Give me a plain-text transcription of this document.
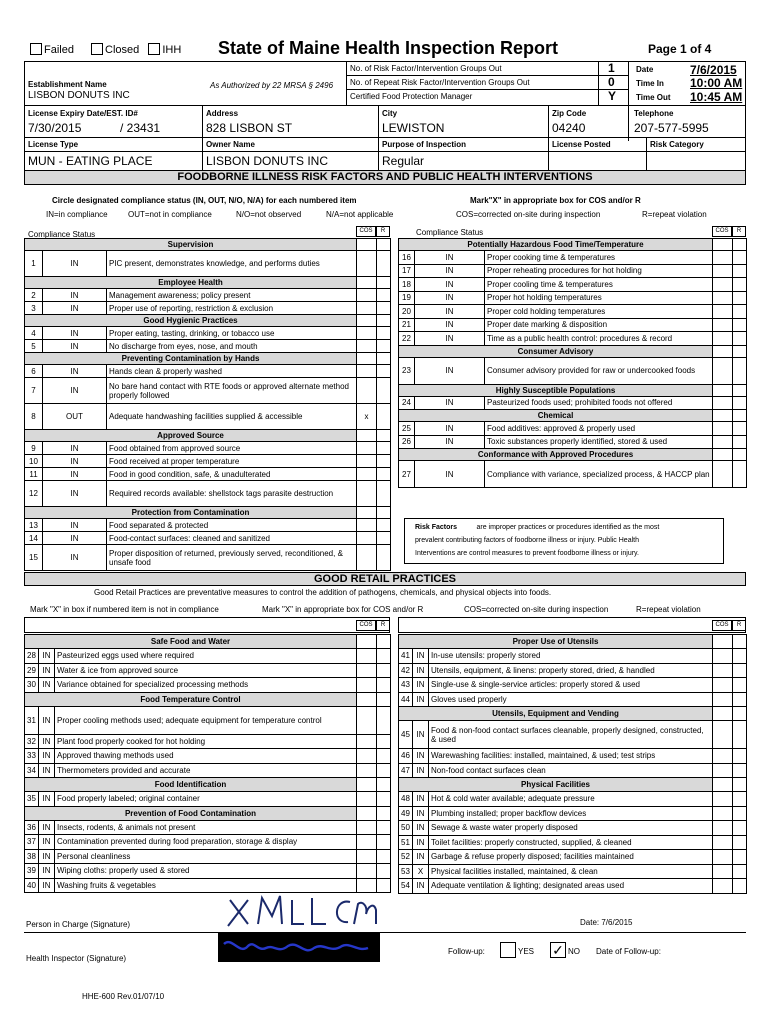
Failed	Closed IHH State of Maine Health Inspection Report	Page 1 of 4
No. of Risk Factor/Intervention Groups Out	1
No. of Repeat Risk Factor/Intervention Groups Out	0
Certified Food Protection Manager	Y
Date	7/6/2015
Time In 10:00 AM
Time Out 10:45 AM
Establishment Name
LISBON DONUTS INC
As Authorized by 22 MRSA § 2496
License Expiry Date/EST. ID#
7/30/2015	/ 23431
Address
828 LISBON ST
City
LEWISTON
Zip Code
04240
Telephone
207-577-5995
License Type
MUN - EATING PLACE
Owner Name
LISBON DONUTS INC
Purpose of Inspection
Regular
License Posted	Risk Category
FOODBORNE ILLNESS RISK FACTORS AND PUBLIC HEALTH INTERVENTIONS
Circle designated compliance status (IN, OUT, N/O, N/A) for each numbered item	Mark"X" in appropriate box for COS and/or R
IN=in compliance	OUT=not in compliance	N/O=not observed	N/A=not applicable	COS=corrected on-site during inspection	R=repeat violation
Compliance Status	COS	R	Compliance Status	COS	R
Supervision				
1	IN	PIC present, demonstrates knowledge, and performs duties		
Employee Health				
2	IN	Management awareness; policy present		
3	IN	Proper use of reporting, restriction & exclusion		
Good Hygienic Practices				
4	IN	Proper eating, tasting, drinking, or tobacco use		
5	IN	No discharge from eyes, nose, and mouth		
Preventing Contamination by Hands				
6	IN	Hands clean & properly washed		
7	IN	No bare hand contact with RTE foods or approved alternate method properly followed		
8	OUT	Adequate handwashing facilities supplied & accessible	x	
Approved Source				
9	IN	Food obtained from approved source		
10	IN	Food received at proper temperature		
11	IN	Food in good condition, safe, & unadulterated		
12	IN	Required records available: shellstock tags parasite destruction		
Protection from Contamination				
13	IN	Food separated & protected		
14	IN	Food-contact surfaces: cleaned and sanitized		
15	IN	Proper disposition of returned, previously served, reconditioned, & unsafe food		
Potentially Hazardous Food Time/Temperature				
16	IN	Proper cooking time & temperatures		
17	IN	Proper reheating procedures for hot holding		
18	IN	Proper cooling time & temperatures		
19	IN	Proper hot holding temperatures		
20	IN	Proper cold holding temperatures		
21	IN	Proper date marking & disposition		
22	IN	Time as a public health control: procedures & record		
Consumer Advisory				
23	IN	Consumer advisory provided for raw or undercooked foods		
Highly Susceptible Populations				
24	IN	Pasteurized foods used; prohibited foods not offered		
Chemical				
25	IN	Food additives: approved & properly used		
26	IN	Toxic substances properly identified, stored & used		
Conformance with Approved Procedures				
27	IN	Compliance with variance, specialized process, & HACCP plan		
Risk Factors	are improper practices or procedures identified as the most
prevalent contributing factors of foodborne illness or injury. Public Health
Interventions are control measures to prevent foodborne illness or injury.
GOOD RETAIL PRACTICES
Good Retail Practices are preventative measures to control the addition of pathogens, chemicals, and physical objects into foods.
Mark "X" in box if numbered item is not in compliance	Mark "X" in appropriate box for COS and/or R	COS=corrected on-site during inspection	R=repeat violation
COS	R	COS	R
Safe Food and Water				
28	IN	Pasteurized eggs used where required		
29	IN	Water & ice from approved source		
30	IN	Variance obtained for specialized processing methods		
Food Temperature Control				
31	IN	Proper cooling methods used; adequate equipment for temperature control		
32	IN	Plant food properly cooked for hot holding		
33	IN	Approved thawing methods used		
34	IN	Thermometers provided and accurate		
Food Identification				
35	IN	Food properly labeled; original container		
Prevention of Food Contamination				
36	IN	Insects, rodents, & animals not present		
37	IN	Contamination prevented during food preparation, storage & display		
38	IN	Personal cleanliness		
39	IN	Wiping cloths: properly used & stored		
40	IN	Washing fruits & vegetables		
Proper Use of Utensils				
41	IN	In-use utensils: properly stored		
42	IN	Utensils, equipment, & linens: properly stored, dried, & handled		
43	IN	Single-use & single-service articles: properly stored & used		
44	IN	Gloves used properly		
Utensils, Equipment and Vending				
45	IN	Food & non-food contact surfaces cleanable, properly designed, constructed, & used		
46	IN	Warewashing facilities: installed, maintained, & used; test strips		
47	IN	Non-food contact surfaces clean		
Physical Facilities				
48	IN	Hot & cold water available; adequate pressure		
49	IN	Plumbing installed; proper backflow devices		
50	IN	Sewage & waste water properly disposed		
51	IN	Toilet facilities: properly constructed, supplied, & cleaned		
52	IN	Garbage & refuse properly disposed; facilities maintained		
53	X	Physical facilities installed, maintained, & clean		
54	IN	Adequate ventilation & lighting; designated areas used		
Person in Charge (Signature)	Date: 7/6/2015
Health Inspector (Signature)
Follow-up:	YES ✓ NO Date of Follow-up:
HHE-600 Rev.01/07/10
